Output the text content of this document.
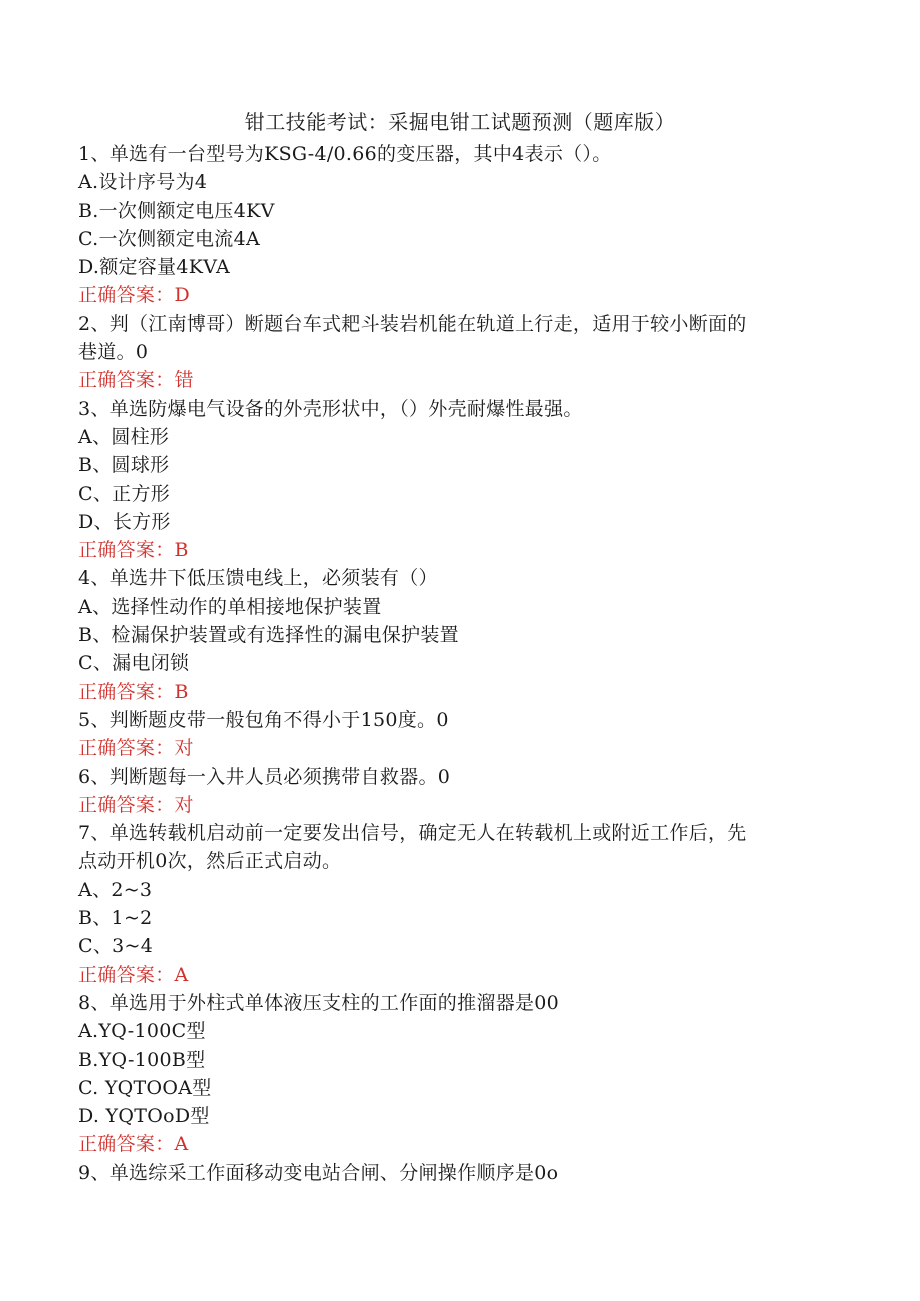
钳工技能考试：采掘电钳工试题预测（题库版）
1、单选有一台型号为KSG-4/0.66的变压器，其中4表示（）。
A.设计序号为4
B.一次侧额定电压4KV
C.一次侧额定电流4A
D.额定容量4KVA
正确答案：D
2、判（江南博哥）断题台车式耙斗装岩机能在轨道上行走，适用于较小断面的
巷道。0
正确答案：错
3、单选防爆电气设备的外壳形状中，（）外壳耐爆性最强。
A、圆柱形
B、圆球形
C、正方形
D、长方形
正确答案：B
4、单选井下低压馈电线上，必须装有（）
A、选择性动作的单相接地保护装置
B、检漏保护装置或有选择性的漏电保护装置
C、漏电闭锁
正确答案：B
5、判断题皮带一般包角不得小于150度。0
正确答案：对
6、判断题每一入井人员必须携带自救器。0
正确答案：对
7、单选转载机启动前一定要发出信号，确定无人在转载机上或附近工作后，先
点动开机0次，然后正式启动。
A、2~3
B、1~2
C、3~4
正确答案：A
8、单选用于外柱式单体液压支柱的工作面的推溜器是00
A.YQ-100C型
B.YQ-100B型
C. YQTOOA型
D. YQTOoD型
正确答案：A
9、单选综采工作面移动变电站合闸、分闸操作顺序是0o
